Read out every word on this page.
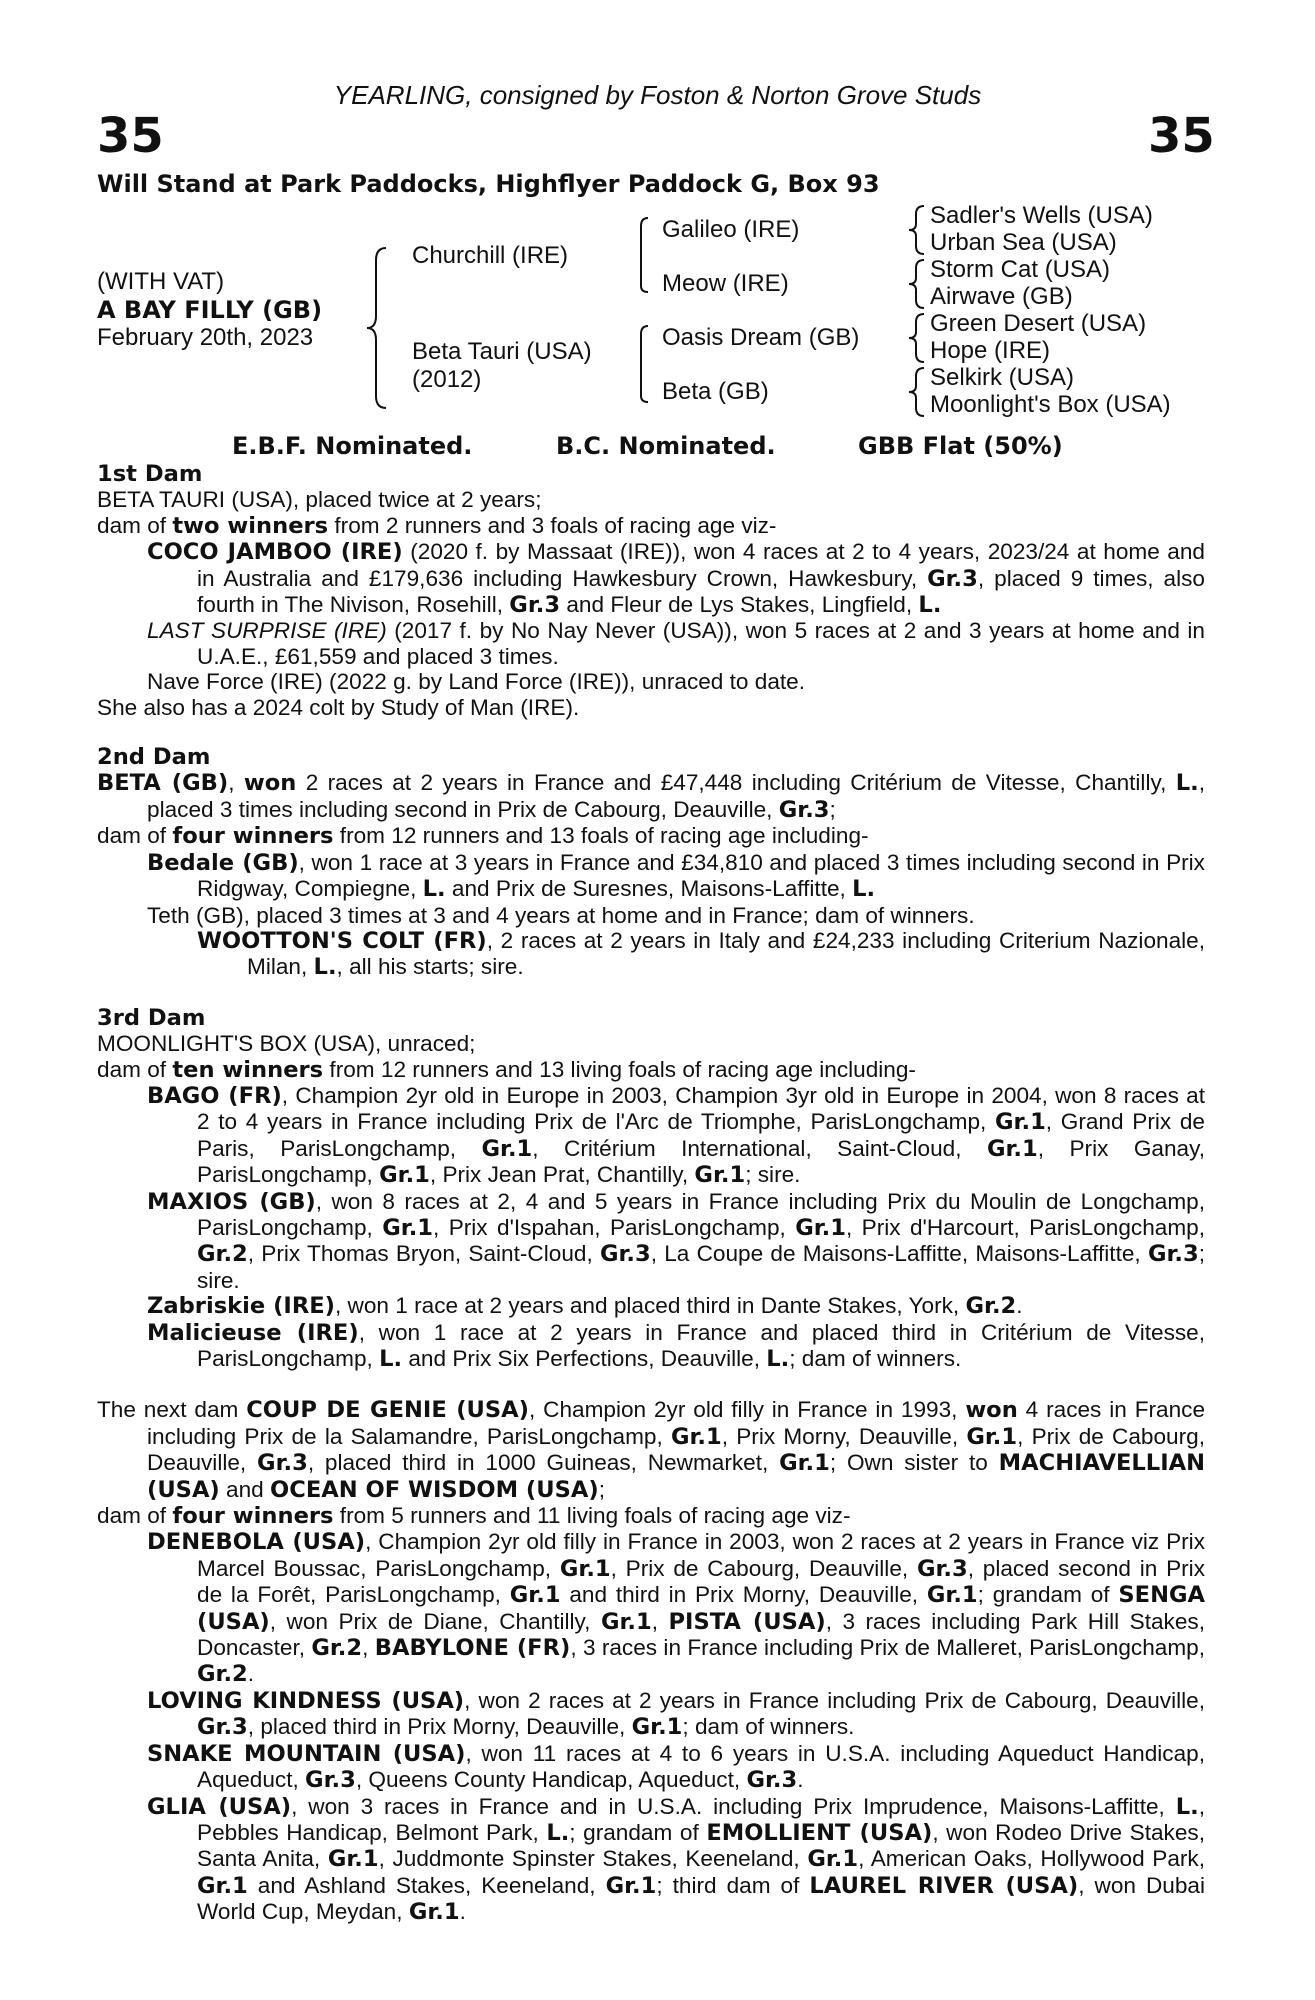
YEARLING, consigned by Foston & Norton Grove Studs
35	35
Will Stand at Park Paddocks, Highflyer Paddock G, Box 93
(WITH VAT)
A BAY FILLY (GB)
February 20th, 2023
Churchill (IRE)
Beta Tauri (USA)
(2012)
Galileo (IRE)
Meow (IRE)
Oasis Dream (GB)
Beta (GB)
Sadler's Wells (USA)
Urban Sea (USA)
Storm Cat (USA)
Airwave (GB)
Green Desert (USA)
Hope (IRE)
Selkirk (USA)
Moonlight's Box (USA)
E.B.F. Nominated.	B.C. Nominated.	GBB Flat (50%)
1st Dam
BETA TAURI (USA), placed twice at 2 years;
dam of two winners from 2 runners and 3 foals of racing age viz-
COCO JAMBOO (IRE) (2020 f. by Massaat (IRE)), won 4 races at 2 to 4 years, 2023/24 at home and in Australia and £179,636 including Hawkesbury Crown, Hawkesbury, Gr.3, placed 9 times, also fourth in The Nivison, Rosehill, Gr.3 and Fleur de Lys Stakes, Lingfield, L.
LAST SURPRISE (IRE) (2017 f. by No Nay Never (USA)), won 5 races at 2 and 3 years at home and in U.A.E., £61,559 and placed 3 times.
Nave Force (IRE) (2022 g. by Land Force (IRE)), unraced to date.
She also has a 2024 colt by Study of Man (IRE).
2nd Dam
BETA (GB), won 2 races at 2 years in France and £47,448 including Critérium de Vitesse, Chantilly, L., placed 3 times including second in Prix de Cabourg, Deauville, Gr.3;
dam of four winners from 12 runners and 13 foals of racing age including-
Bedale (GB), won 1 race at 3 years in France and £34,810 and placed 3 times including second in Prix Ridgway, Compiegne, L. and Prix de Suresnes, Maisons-Laffitte, L.
Teth (GB), placed 3 times at 3 and 4 years at home and in France; dam of winners.
WOOTTON'S COLT (FR), 2 races at 2 years in Italy and £24,233 including Criterium Nazionale, Milan, L., all his starts; sire.
3rd Dam
MOONLIGHT'S BOX (USA), unraced;
dam of ten winners from 12 runners and 13 living foals of racing age including-
BAGO (FR), Champion 2yr old in Europe in 2003, Champion 3yr old in Europe in 2004, won 8 races at 2 to 4 years in France including Prix de l'Arc de Triomphe, ParisLongchamp, Gr.1, Grand Prix de Paris, ParisLongchamp, Gr.1, Critérium International, Saint-Cloud, Gr.1, Prix Ganay, ParisLongchamp, Gr.1, Prix Jean Prat, Chantilly, Gr.1; sire.
MAXIOS (GB), won 8 races at 2, 4 and 5 years in France including Prix du Moulin de Longchamp, ParisLongchamp, Gr.1, Prix d'Ispahan, ParisLongchamp, Gr.1, Prix d'Harcourt, ParisLongchamp, Gr.2, Prix Thomas Bryon, Saint-Cloud, Gr.3, La Coupe de Maisons-Laffitte, Maisons-Laffitte, Gr.3; sire.
Zabriskie (IRE), won 1 race at 2 years and placed third in Dante Stakes, York, Gr.2.
Malicieuse (IRE), won 1 race at 2 years in France and placed third in Critérium de Vitesse, ParisLongchamp, L. and Prix Six Perfections, Deauville, L.; dam of winners.
The next dam COUP DE GENIE (USA), Champion 2yr old filly in France in 1993, won 4 races in France including Prix de la Salamandre, ParisLongchamp, Gr.1, Prix Morny, Deauville, Gr.1, Prix de Cabourg, Deauville, Gr.3, placed third in 1000 Guineas, Newmarket, Gr.1; Own sister to MACHIAVELLIAN (USA) and OCEAN OF WISDOM (USA);
dam of four winners from 5 runners and 11 living foals of racing age viz-
DENEBOLA (USA), Champion 2yr old filly in France in 2003, won 2 races at 2 years in France viz Prix Marcel Boussac, ParisLongchamp, Gr.1, Prix de Cabourg, Deauville, Gr.3, placed second in Prix de la Forêt, ParisLongchamp, Gr.1 and third in Prix Morny, Deauville, Gr.1; grandam of SENGA (USA), won Prix de Diane, Chantilly, Gr.1, PISTA (USA), 3 races including Park Hill Stakes, Doncaster, Gr.2, BABYLONE (FR), 3 races in France including Prix de Malleret, ParisLongchamp, Gr.2.
LOVING KINDNESS (USA), won 2 races at 2 years in France including Prix de Cabourg, Deauville, Gr.3, placed third in Prix Morny, Deauville, Gr.1; dam of winners.
SNAKE MOUNTAIN (USA), won 11 races at 4 to 6 years in U.S.A. including Aqueduct Handicap, Aqueduct, Gr.3, Queens County Handicap, Aqueduct, Gr.3.
GLIA (USA), won 3 races in France and in U.S.A. including Prix Imprudence, Maisons-Laffitte, L., Pebbles Handicap, Belmont Park, L.; grandam of EMOLLIENT (USA), won Rodeo Drive Stakes, Santa Anita, Gr.1, Juddmonte Spinster Stakes, Keeneland, Gr.1, American Oaks, Hollywood Park, Gr.1 and Ashland Stakes, Keeneland, Gr.1; third dam of LAUREL RIVER (USA), won Dubai World Cup, Meydan, Gr.1.
